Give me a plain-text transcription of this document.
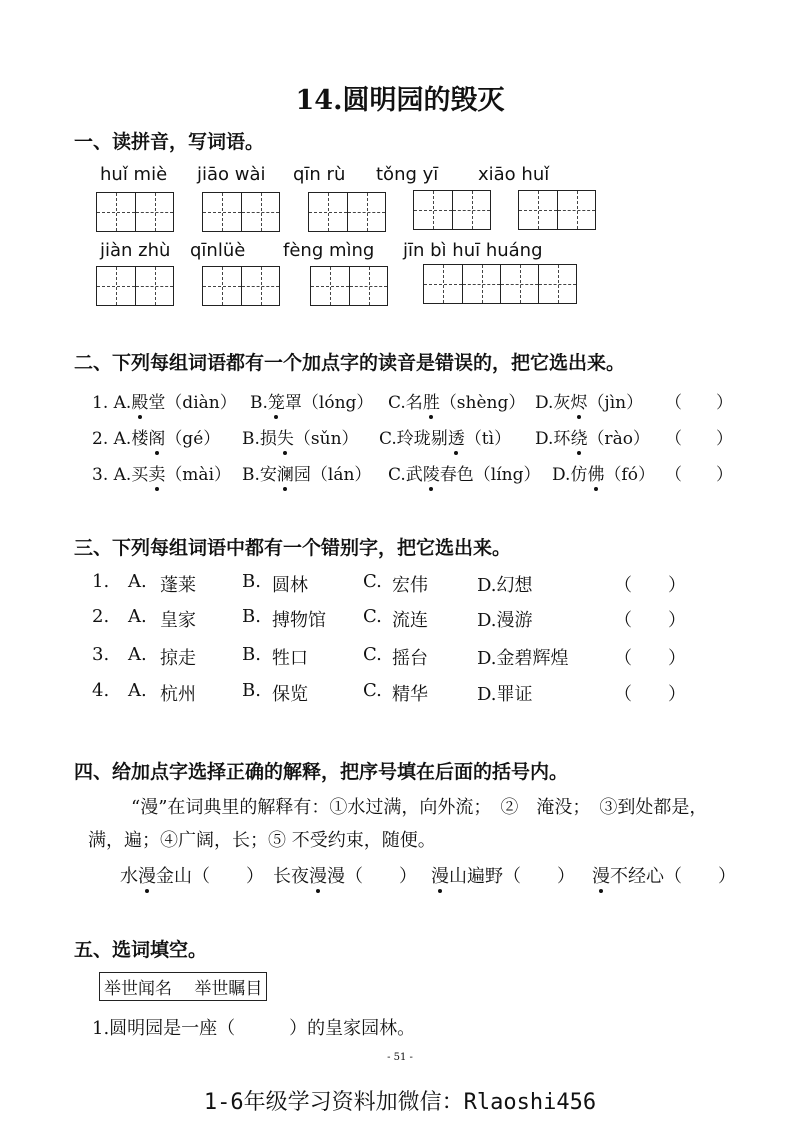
14.圆明园的毁灭
一、读拼音，写词语。
huǐ miè jiāo wài qīn rù tǒng yī xiāo huǐ
jiàn zhù qīnlüè fèng mìng jīn bì huī huáng
二、下列每组词语都有一个加点字的读音是错误的，把它选出来。
1. A.殿堂（diàn） B.笼罩（lóng） C.名胜（shèng） D.灰烬（jìn） （　　）
2. A.楼阁（gé） B.损失（sǔn） C.玲珑剔透（tì） D.环绕（rào） （　　）
3. A.买卖（mài） B.安澜园（lán） C.武陵春色（líng） D.仿佛（fó） （　　）
三、下列每组词语中都有一个错别字，把它选出来。
1. A. 蓬莱	B. 圆林	C. 宏伟	D.幻想	（　　）
2. A. 皇家	B. 搏物馆 C. 流连	D.漫游	（　　）
3. A. 掠走	B. 牲口	C. 摇台	D.金碧辉煌	（　　）
4. A. 杭州	B. 保览	C. 精华	D.罪证	（　　）
四、给加点字选择正确的解释，把序号填在后面的括号内。
“漫”在词典里的解释有：①水过满，向外流；　②　淹没；　③到处都是，
满，遍；④广阔，长；⑤ 不受约束，随便。
水漫金山（　　） 长夜漫漫（　　） 漫山遍野（　　） 漫不经心（　　）
五、选词填空。
举世闻名　 举世瞩目
1.圆明园是一座（　　　）的皇家园林。
- 51 -
1-6年级学习资料加微信：Rlaoshi456
